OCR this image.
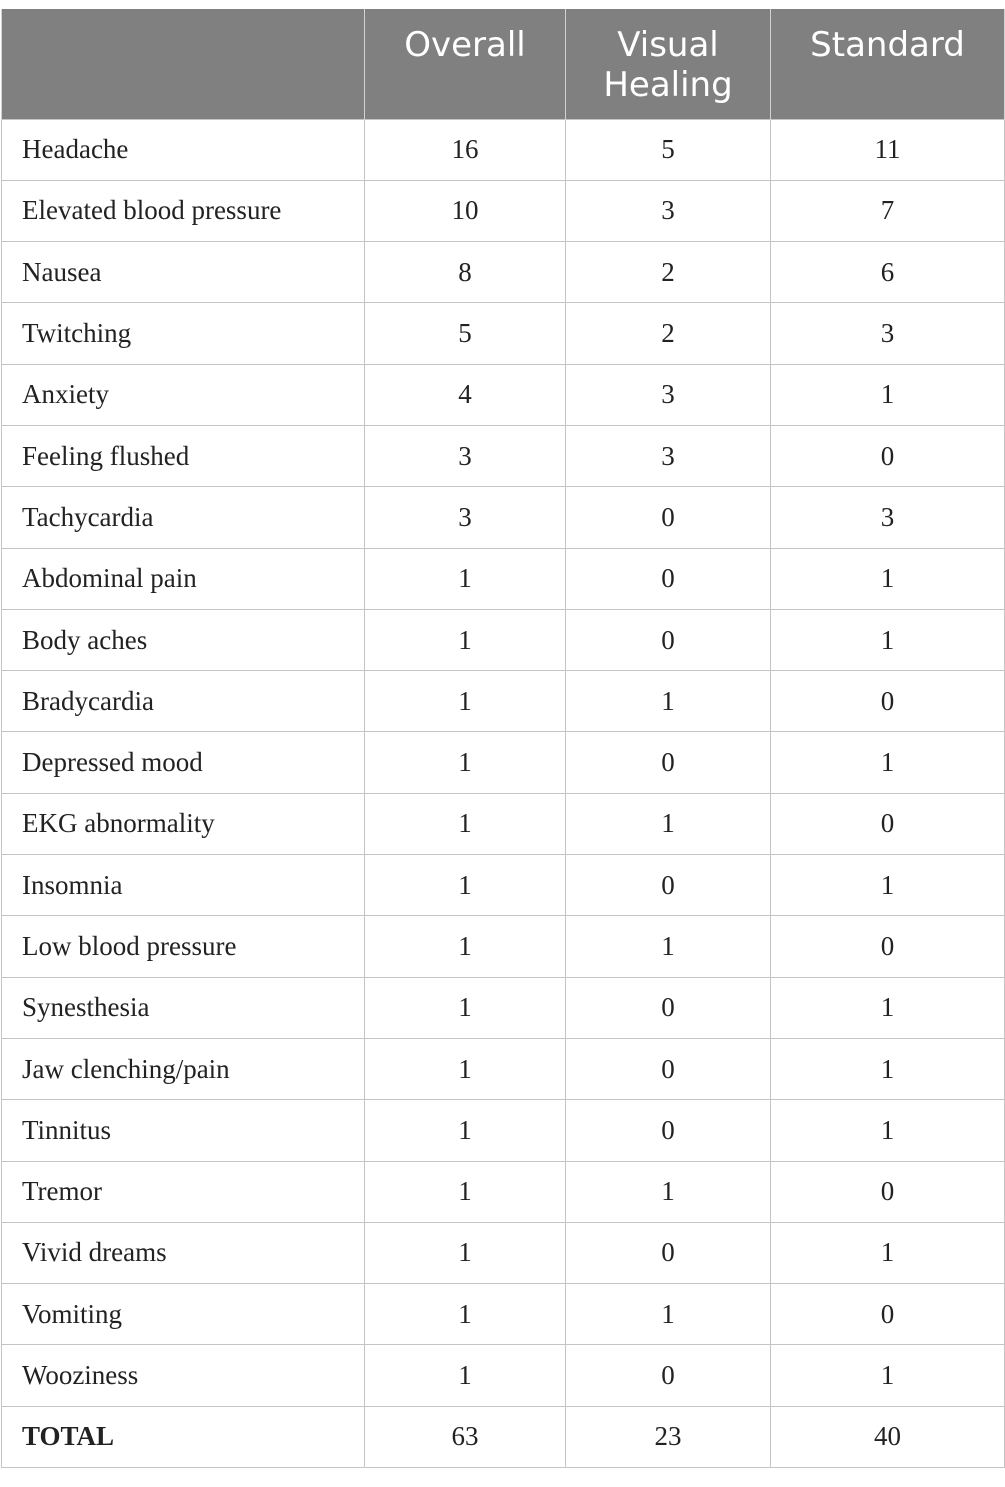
	Overall	Visual Healing	Standard

Headache	16	5	11
Elevated blood pressure	10	3	7
Nausea	8	2	6
Twitching	5	2	3
Anxiety	4	3	1
Feeling flushed	3	3	0
Tachycardia	3	0	3
Abdominal pain	1	0	1
Body aches	1	0	1
Bradycardia	1	1	0
Depressed mood	1	0	1
EKG abnormality	1	1	0
Insomnia	1	0	1
Low blood pressure	1	1	0
Synesthesia	1	0	1
Jaw clenching/pain	1	0	1
Tinnitus	1	0	1
Tremor	1	1	0
Vivid dreams	1	0	1
Vomiting	1	1	0
Wooziness	1	0	1
TOTAL	63	23	40
